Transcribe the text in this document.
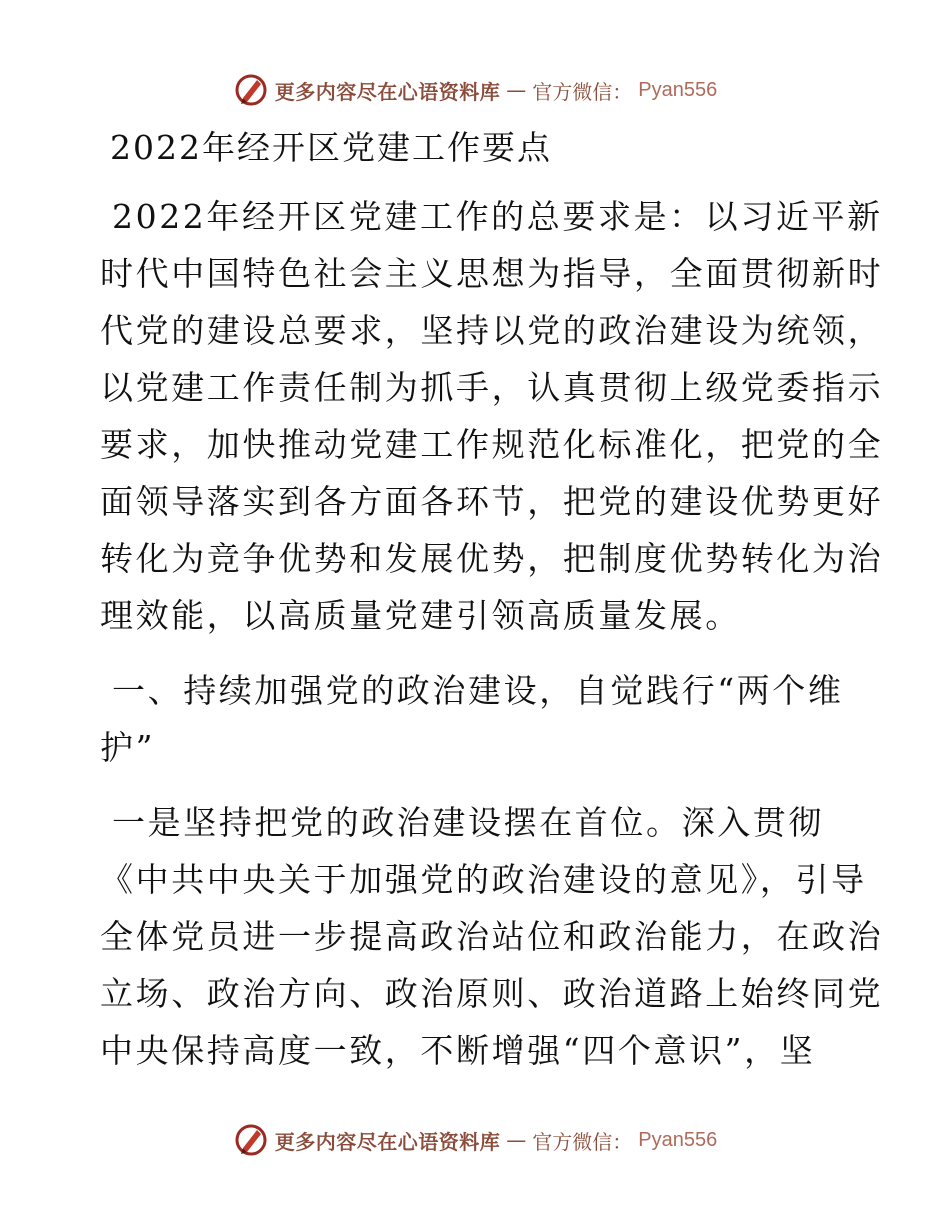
更多内容尽在心语资料库 — 官方微信： Pyan556
2022年经开区党建工作要点
2022年经开区党建工作的总要求是：以习近平新
时代中国特色社会主义思想为指导，全面贯彻新时
代党的建设总要求，坚持以党的政治建设为统领，
以党建工作责任制为抓手，认真贯彻上级党委指示
要求，加快推动党建工作规范化标准化，把党的全
面领导落实到各方面各环节，把党的建设优势更好
转化为竞争优势和发展优势，把制度优势转化为治
理效能，以高质量党建引领高质量发展。
一、持续加强党的政治建设，自觉践行“两个维
护”
一是坚持把党的政治建设摆在首位。深入贯彻
《中共中央关于加强党的政治建设的意见》，引导
全体党员进一步提高政治站位和政治能力，在政治
立场、政治方向、政治原则、政治道路上始终同党
中央保持高度一致，不断增强“四个意识”，坚
更多内容尽在心语资料库 — 官方微信： Pyan556
